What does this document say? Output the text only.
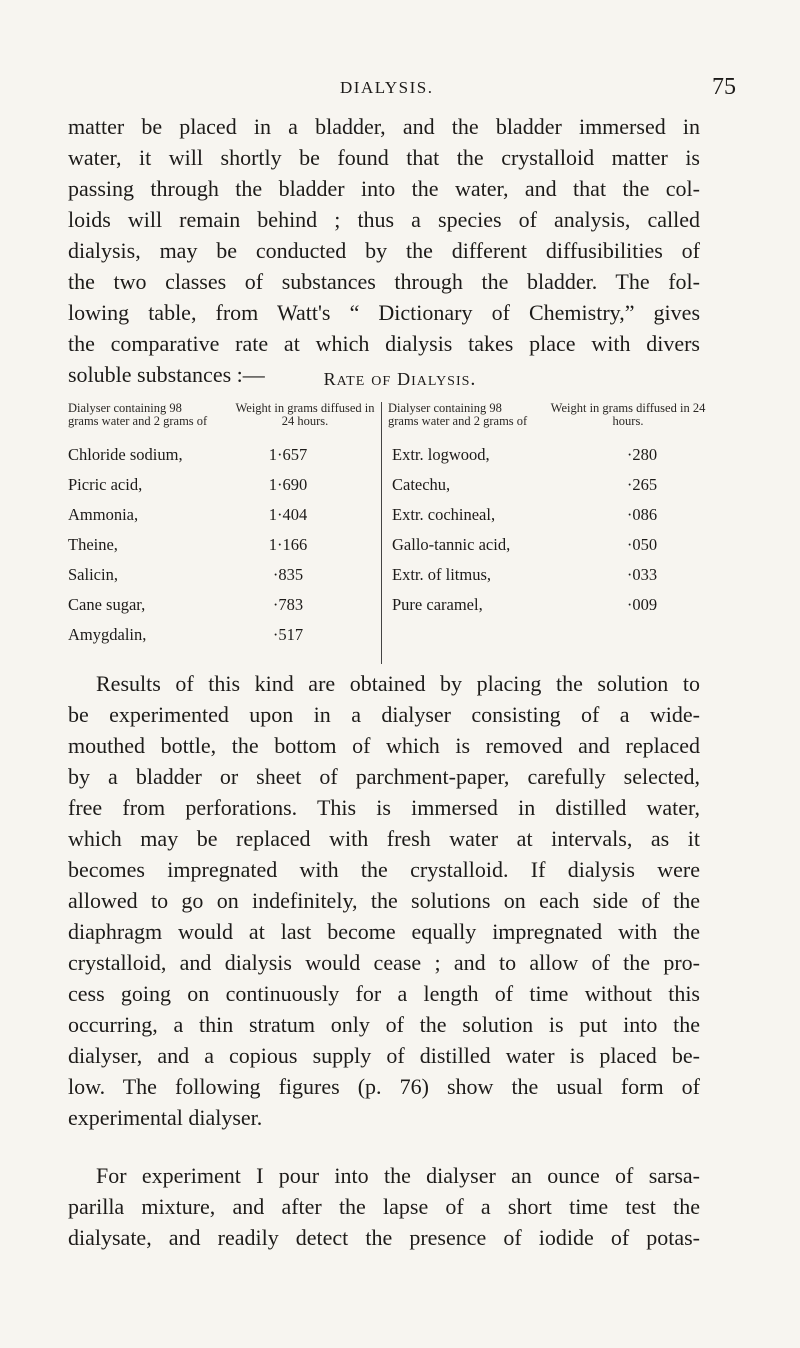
DIALYSIS.	75
matter be placed in a bladder, and the bladder immersed in
water, it will shortly be found that the crystalloid matter is
passing through the bladder into the water, and that the col-
loids will remain behind ; thus a species of analysis, called
dialysis, may be conducted by the different diffusibilities of
the two classes of substances through the bladder. The fol-
lowing table, from Watt's “ Dictionary of Chemistry,” gives
the comparative rate at which dialysis takes place with divers
soluble substances :—	Rate of Dialysis.
Dialyser containing 98 grams water and 2 grams of
Weight in grams diffused in 24 hours.
Dialyser containing 98 grams water and 2 grams of
Weight in grams diffused in 24 hours.
Chloride sodium,	1·657
Picric acid,	1·690
Ammonia,	1·404
Theine,	1·166
Salicin,	·835
Cane sugar,	·783
Amygdalin,	·517
Extr. logwood,	·280
Catechu,	·265
Extr. cochineal,	·086
Gallo-tannic acid,	·050
Extr. of litmus,	·033
Pure caramel,	·009
Results of this kind are obtained by placing the solution to
be experimented upon in a dialyser consisting of a wide-
mouthed bottle, the bottom of which is removed and replaced
by a bladder or sheet of parchment-paper, carefully selected,
free from perforations. This is immersed in distilled water,
which may be replaced with fresh water at intervals, as it
becomes impregnated with the crystalloid. If dialysis were
allowed to go on indefinitely, the solutions on each side of the
diaphragm would at last become equally impregnated with the
crystalloid, and dialysis would cease ; and to allow of the pro-
cess going on continuously for a length of time without this
occurring, a thin stratum only of the solution is put into the
dialyser, and a copious supply of distilled water is placed be-
low. The following figures (p. 76) show the usual form of
experimental dialyser.
For experiment I pour into the dialyser an ounce of sarsa-
parilla mixture, and after the lapse of a short time test the
dialysate, and readily detect the presence of iodide of potas-
